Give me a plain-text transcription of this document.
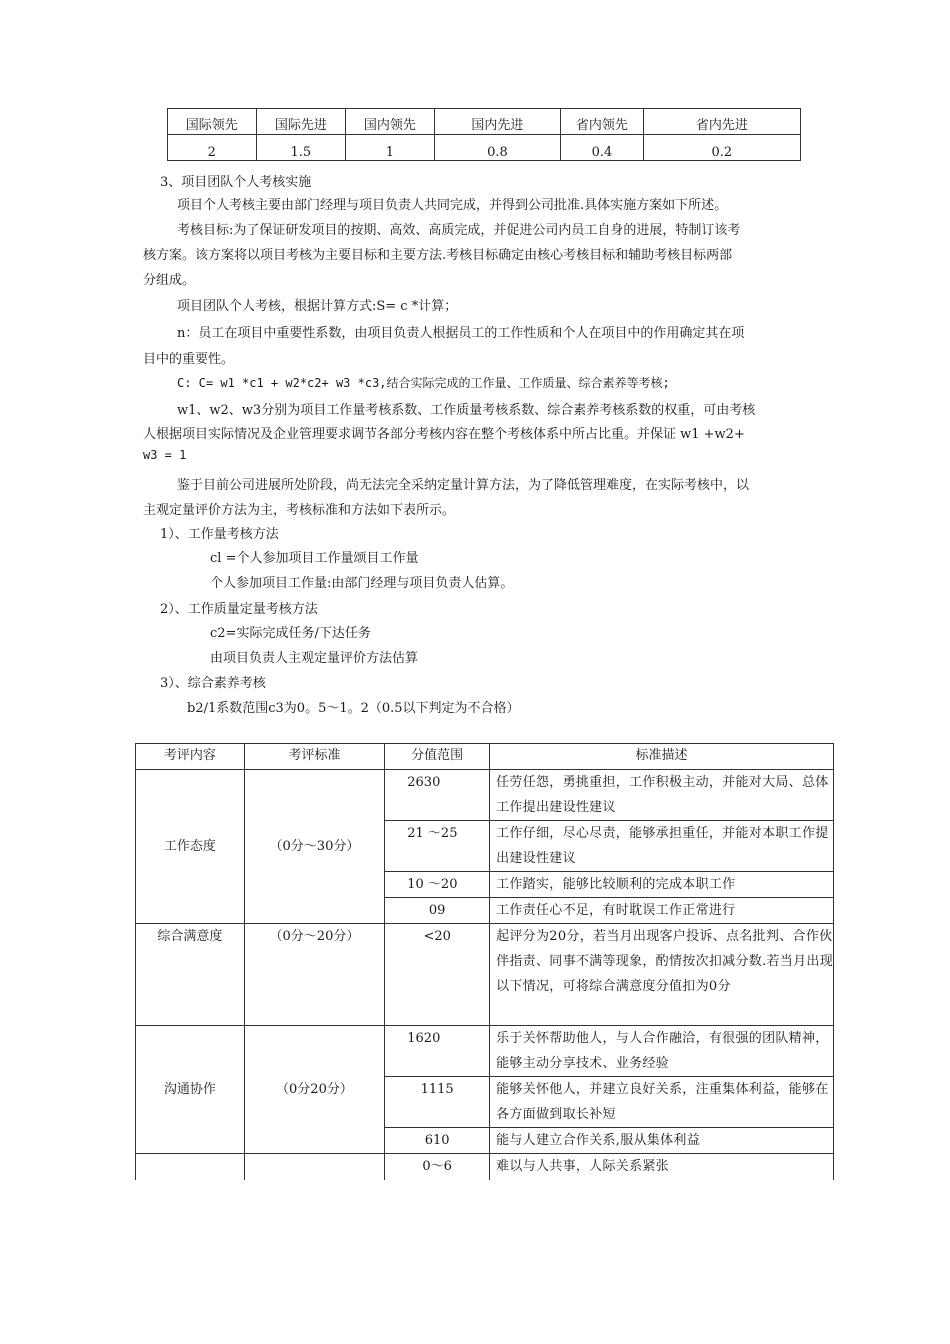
国际领先	国际先进	国内领先	国内先进	省内领先	省内先进
2	1.5	1	0.8	0.4	0.2
3、项目团队个人考核实施
项目个人考核主要由部门经理与项目负责人共同完成，并得到公司批准.具体实施方案如下所述。
考核目标:为了保证研发项目的按期、高效、高质完成，并促进公司内员工自身的进展，特制订该考
核方案。该方案将以项目考核为主要目标和主要方法.考核目标确定由核心考核目标和辅助考核目标两部
分组成。
项目团队个人考核，根据计算方式:S= c *计算；
n：员工在项目中重要性系数，由项目负责人根据员工的工作性质和个人在项目中的作用确定其在项
目中的重要性。
C: C= w1 *c1 + w2*c2+ w3 *c3,结合实际完成的工作量、工作质量、综合素养等考核;
w1、w2、w3分别为项目工作量考核系数、工作质量考核系数、综合素养考核系数的权重，可由考核
人根据项目实际情况及企业管理要求调节各部分考核内容在整个考核体系中所占比重。并保证 w1 +w2+
w3 = 1
鉴于目前公司进展所处阶段，尚无法完全采纳定量计算方法，为了降低管理难度，在实际考核中，以
主观定量评价方法为主，考核标准和方法如下表所示。
1）、工作量考核方法
cl =个人参加项目工作量颂目工作量
个人参加项目工作量:由部门经理与项目负责人估算。
2）、工作质量定量考核方法
c2=实际完成任务/下达任务
由项目负责人主观定量评价方法估算
3）、综合素养考核
b2/1系数范围c3为0。5〜1。2（0.5以下判定为不合格）
考评内容	考评标准	分值范围	标准描述
工作态度	（0分〜30分）	2630	任劳任怨，勇挑重担，工作积极主动，并能对大局、总体工作提出建设性建议
		21 〜25	工作仔细，尽心尽责，能够承担重任，并能对本职工作提出建设性建议
		10 〜20	工作踏实，能够比较顺利的完成本职工作
		09	工作责任心不足，有时耽误工作正常进行
综合满意度	（0分〜20分）	<20	起评分为20分，若当月出现客户投诉、点名批判、合作伙伴指责、同事不满等现象，酌情按次扣减分数.若当月出现以下情况，可将综合满意度分值扣为0分
沟通协作	（0分20分）	1620	乐于关怀帮助他人，与人合作融洽，有很强的团队精神，能够主动分享技术、业务经验
		1115	能够关怀他人，并建立良好关系，注重集体利益，能够在各方面做到取长补短
		610	能与人建立合作关系,服从集体利益
		0〜6	难以与人共事，人际关系紧张
